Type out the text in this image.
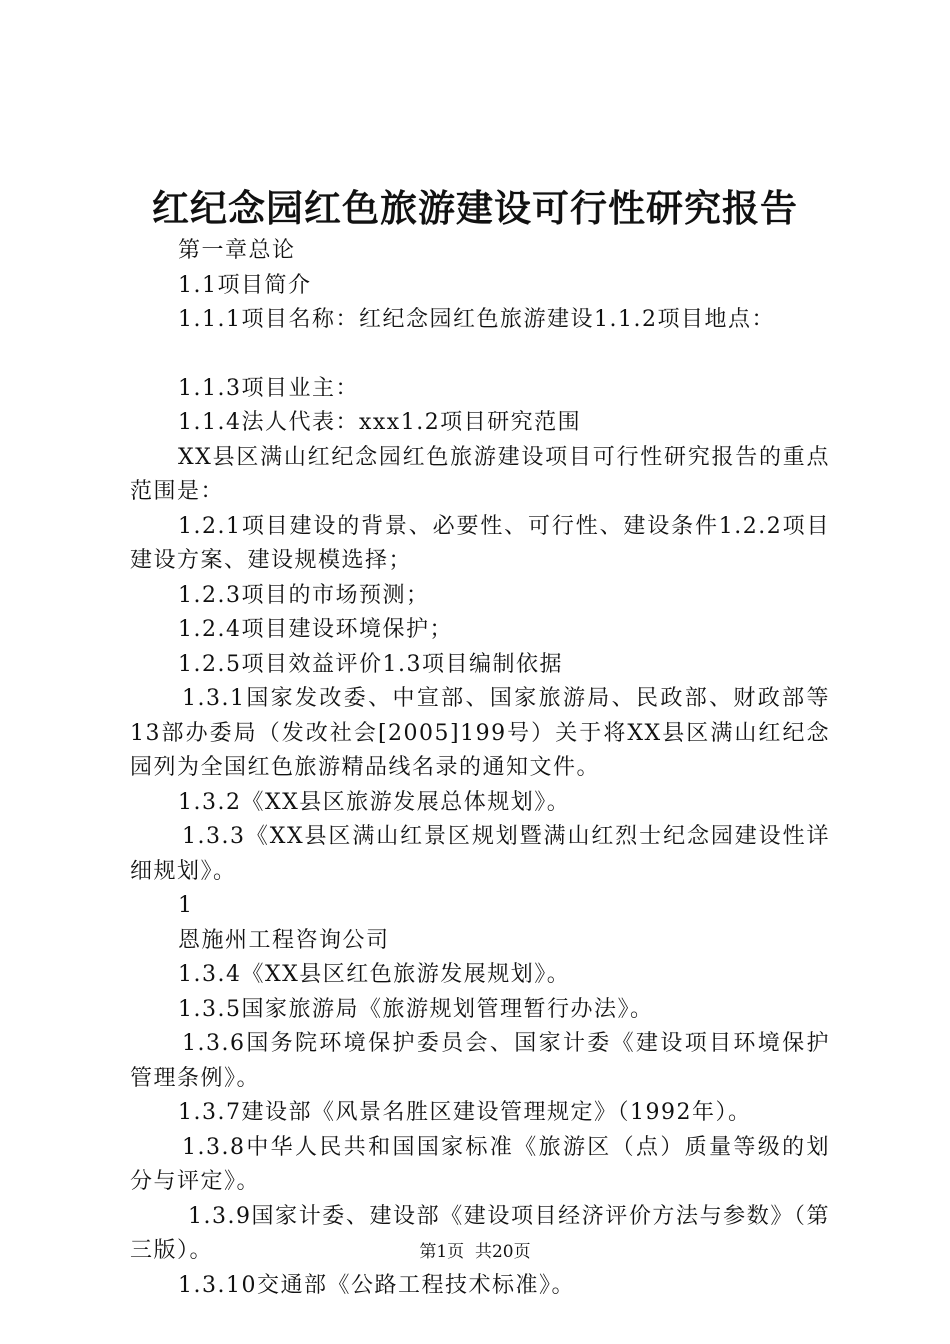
红纪念园红色旅游建设可行性研究报告

第一章总论

1.1项目简介

1.1.1项目名称：红纪念园红色旅游建设1.1.2项目地点：

1.1.3项目业主：

1.1.4法人代表：xxx1.2项目研究范围

XX县区满山红纪念园红色旅游建设项目可行性研究报告的重点范围是：

1.2.1项目建设的背景、必要性、可行性、建设条件1.2.2项目建设方案、建设规模选择；

1.2.3项目的市场预测；

1.2.4项目建设环境保护；

1.2.5项目效益评价1.3项目编制依据

1.3.1国家发改委、中宣部、国家旅游局、民政部、财政部等13部办委局（发改社会[2005]199号）关于将XX县区满山红纪念园列为全国红色旅游精品线名录的通知文件。

1.3.2《XX县区旅游发展总体规划》。

1.3.3《XX县区满山红景区规划暨满山红烈士纪念园建设性详细规划》。

1

恩施州工程咨询公司

1.3.4《XX县区红色旅游发展规划》。

1.3.5国家旅游局《旅游规划管理暂行办法》。

1.3.6国务院环境保护委员会、国家计委《建设项目环境保护管理条例》。

1.3.7建设部《风景名胜区建设管理规定》（1992年）。

1.3.8中华人民共和国国家标准《旅游区（点）质量等级的划分与评定》。

1.3.9国家计委、建设部《建设项目经济评价方法与参数》（第三版）。

1.3.10交通部《公路工程技术标准》。

第1页  共20页
